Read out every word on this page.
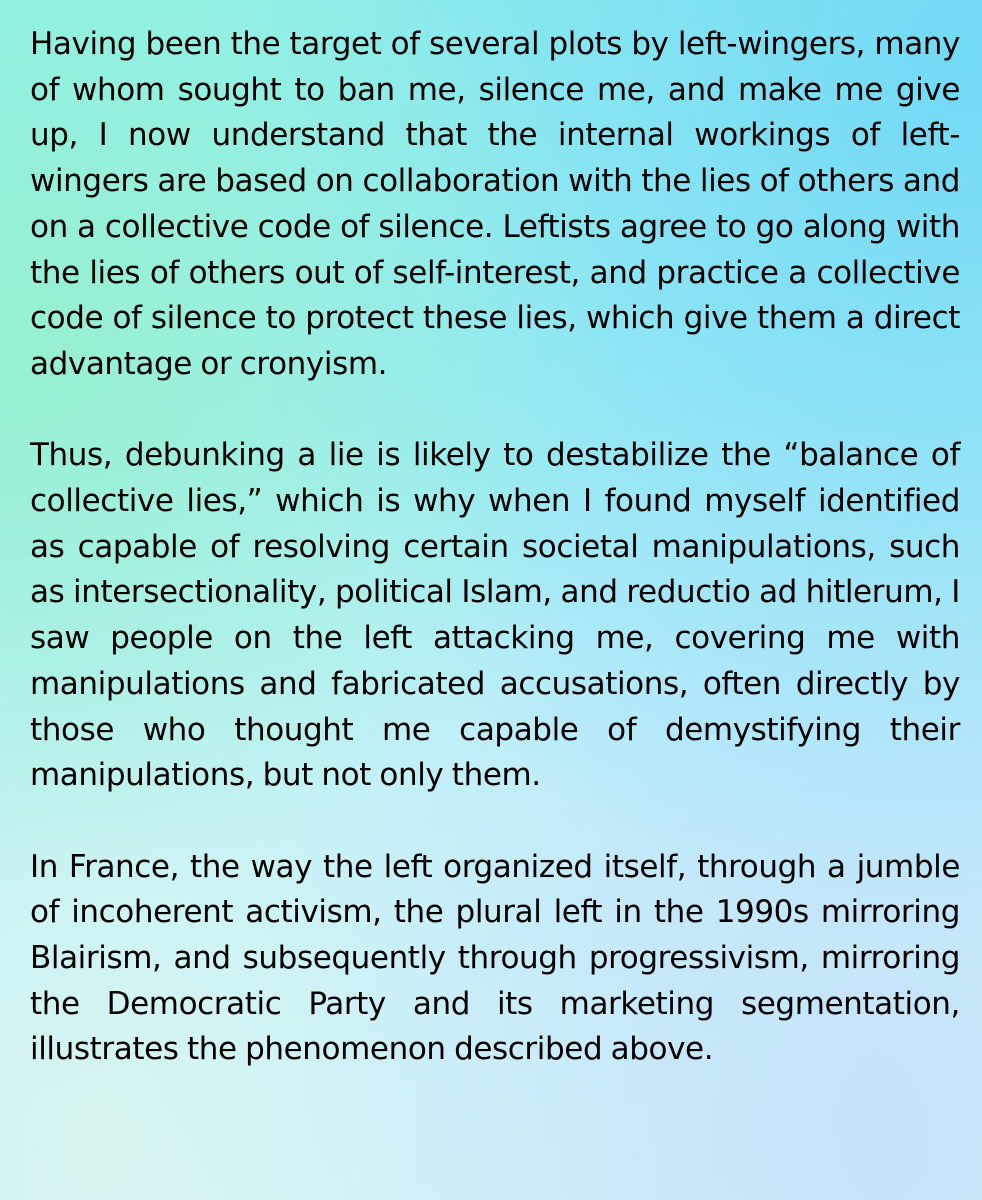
Having been the target of several plots by left-wingers, many of whom sought to ban me, silence me, and make me give up, I now understand that the internal workings of left-wingers are based on collaboration with the lies of others and on a collective code of silence. Leftists agree to go along with the lies of others out of self-interest, and practice a collective code of silence to protect these lies, which give them a direct advantage or cronyism.

Thus, debunking a lie is likely to destabilize the “balance of collective lies,” which is why when I found myself identified as capable of resolving certain societal manipulations, such as intersectionality, political Islam, and reductio ad hitlerum, I saw people on the left attacking me, covering me with manipulations and fabricated accusations, often directly by those who thought me capable of demystifying their manipulations, but not only them.

In France, the way the left organized itself, through a jumble of incoherent activism, the plural left in the 1990s mirroring Blairism, and subsequently through progressivism, mirroring the Democratic Party and its marketing segmentation, illustrates the phenomenon described above.
